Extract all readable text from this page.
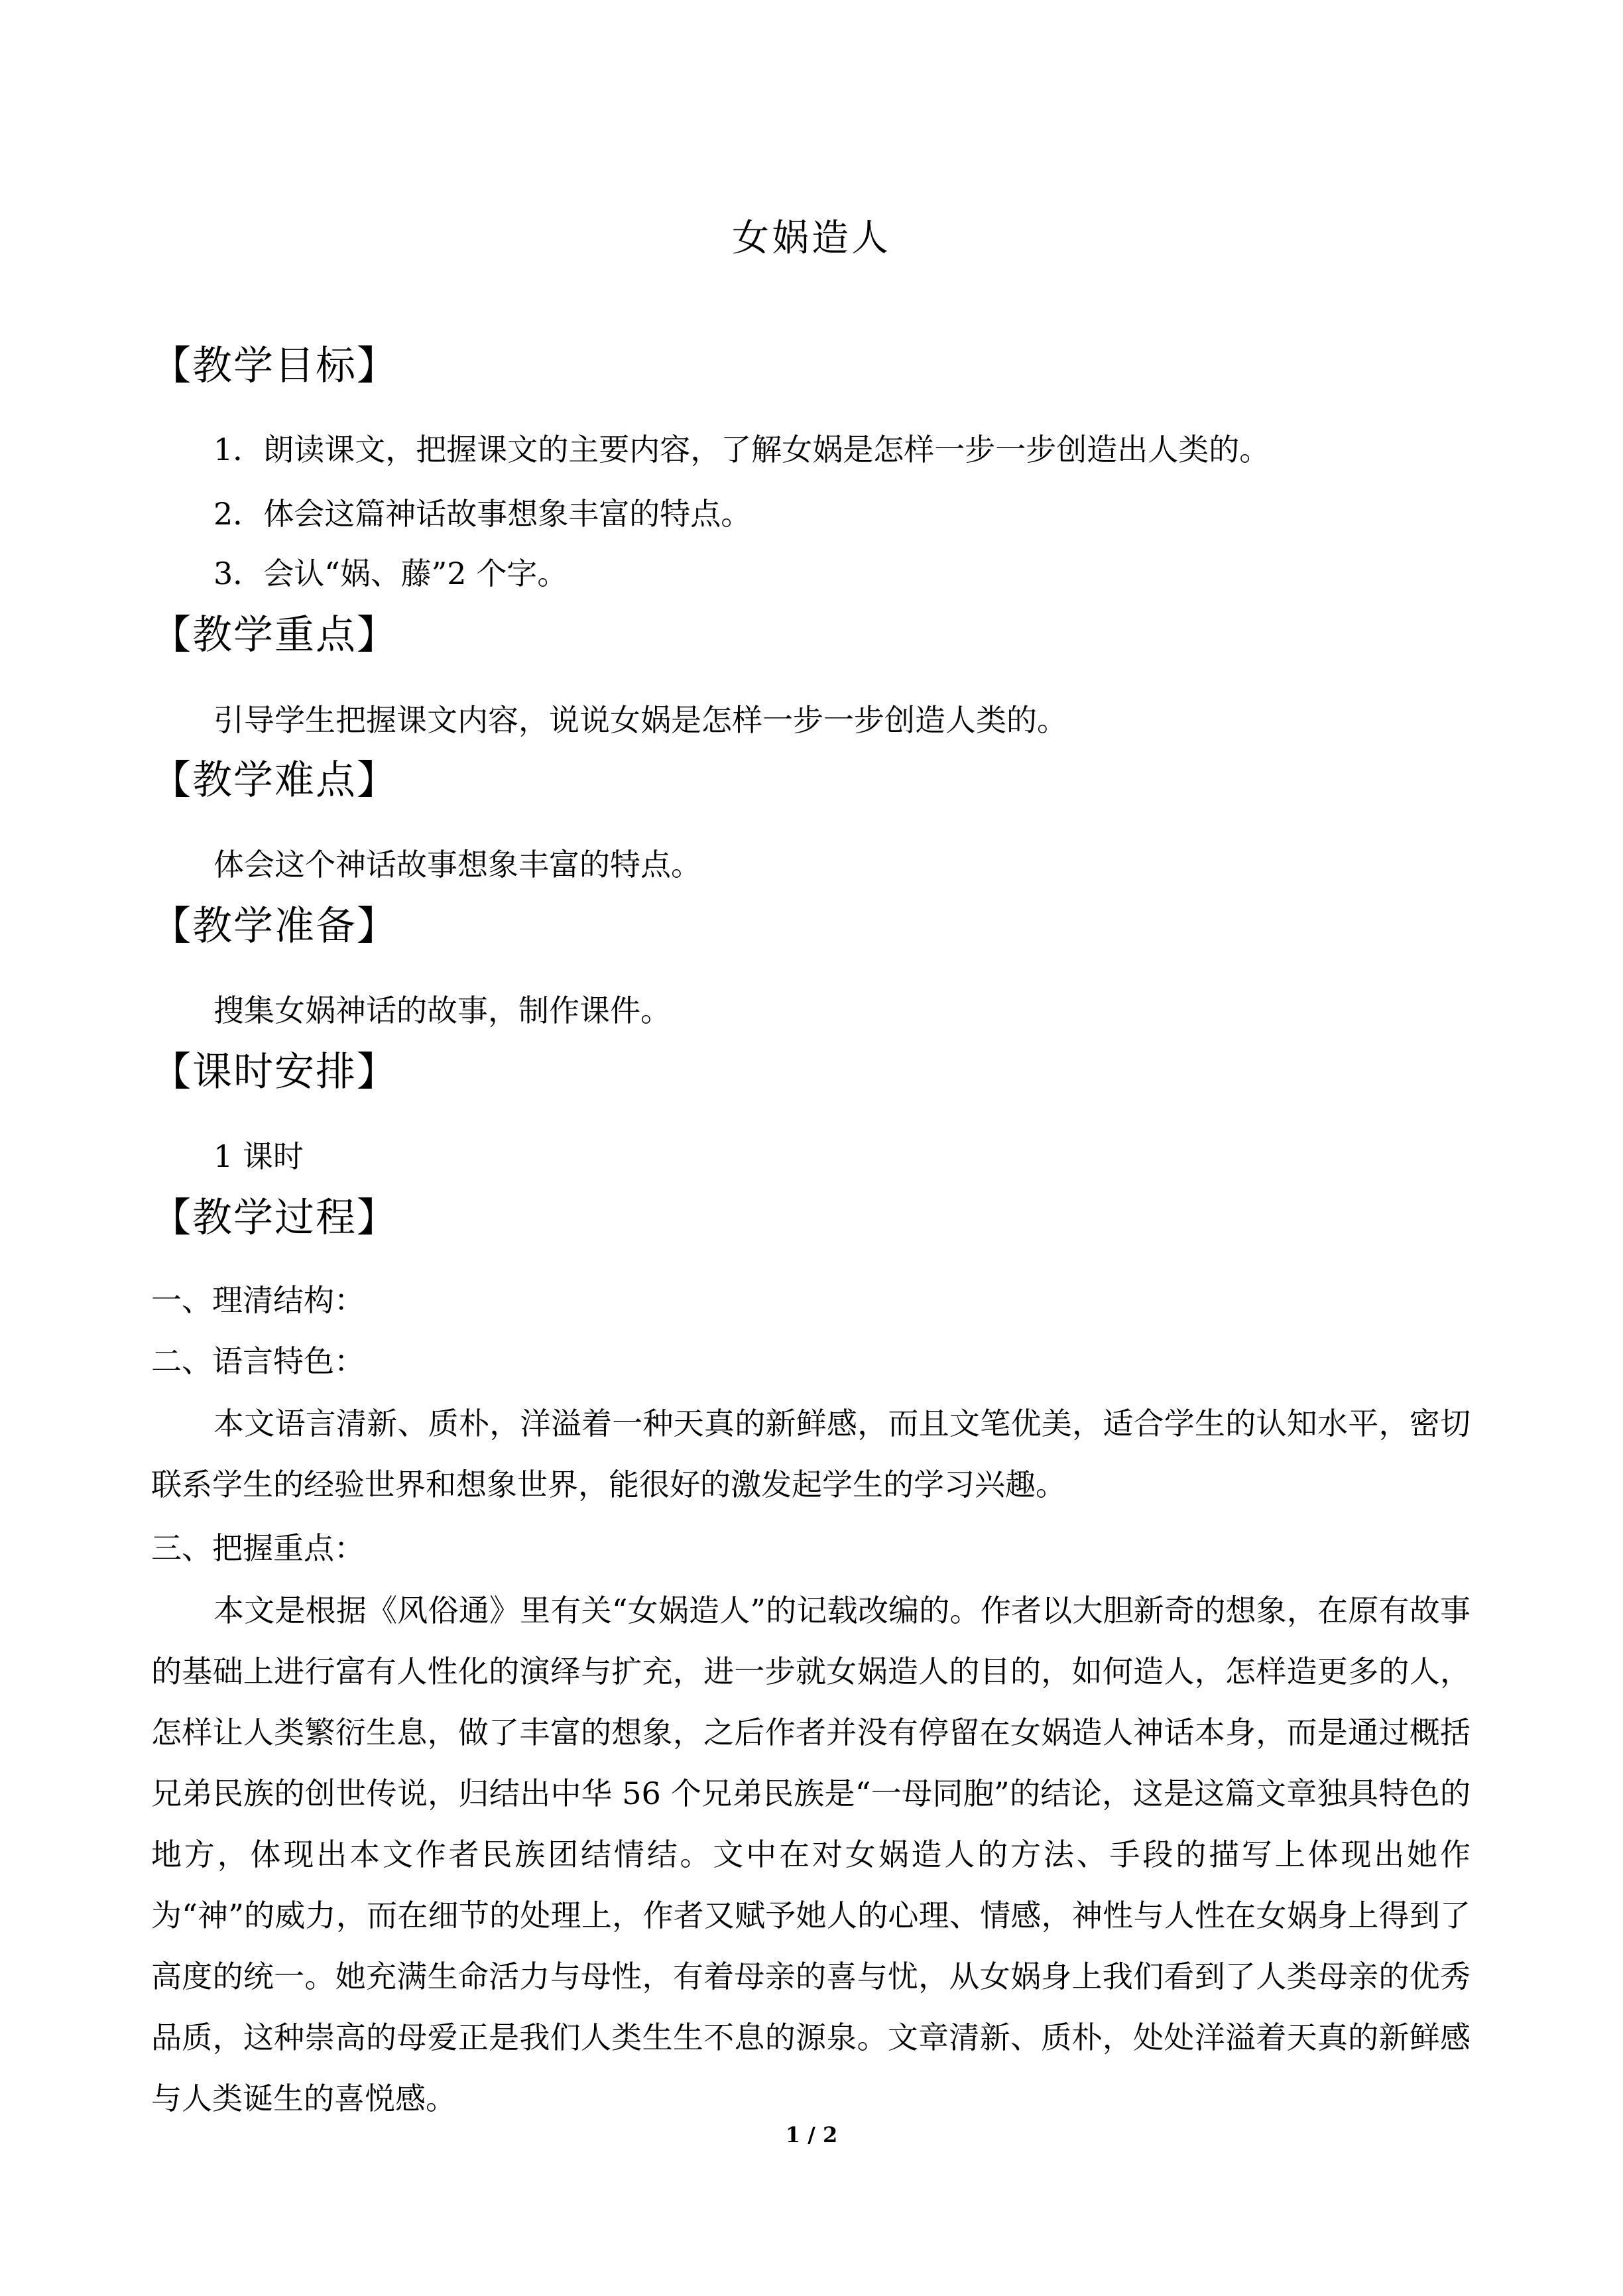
女娲造人
【教学目标】
1．朗读课文，把握课文的主要内容，了解女娲是怎样一步一步创造出人类的。
2．体会这篇神话故事想象丰富的特点。
3．会认“娲、藤”2 个字。
【教学重点】
引导学生把握课文内容，说说女娲是怎样一步一步创造人类的。
【教学难点】
体会这个神话故事想象丰富的特点。
【教学准备】
搜集女娲神话的故事，制作课件。
【课时安排】
1 课时
【教学过程】
一、理清结构：
二、语言特色：
本文语言清新、质朴，洋溢着一种天真的新鲜感，而且文笔优美，适合学生的认知水平，密切联系学生的经验世界和想象世界，能很好的激发起学生的学习兴趣。
三、把握重点：
本文是根据《风俗通》里有关“女娲造人”的记载改编的。作者以大胆新奇的想象，在原有故事的基础上进行富有人性化的演绎与扩充，进一步就女娲造人的目的，如何造人，怎样造更多的人，怎样让人类繁衍生息，做了丰富的想象，之后作者并没有停留在女娲造人神话本身，而是通过概括兄弟民族的创世传说，归结出中华 56 个兄弟民族是“一母同胞”的结论，这是这篇文章独具特色的地方，体现出本文作者民族团结情结。文中在对女娲造人的方法、手段的描写上体现出她作为“神”的威力，而在细节的处理上，作者又赋予她人的心理、情感，神性与人性在女娲身上得到了高度的统一。她充满生命活力与母性，有着母亲的喜与忧，从女娲身上我们看到了人类母亲的优秀品质，这种崇高的母爱正是我们人类生生不息的源泉。文章清新、质朴，处处洋溢着天真的新鲜感与人类诞生的喜悦感。
1 / 2
